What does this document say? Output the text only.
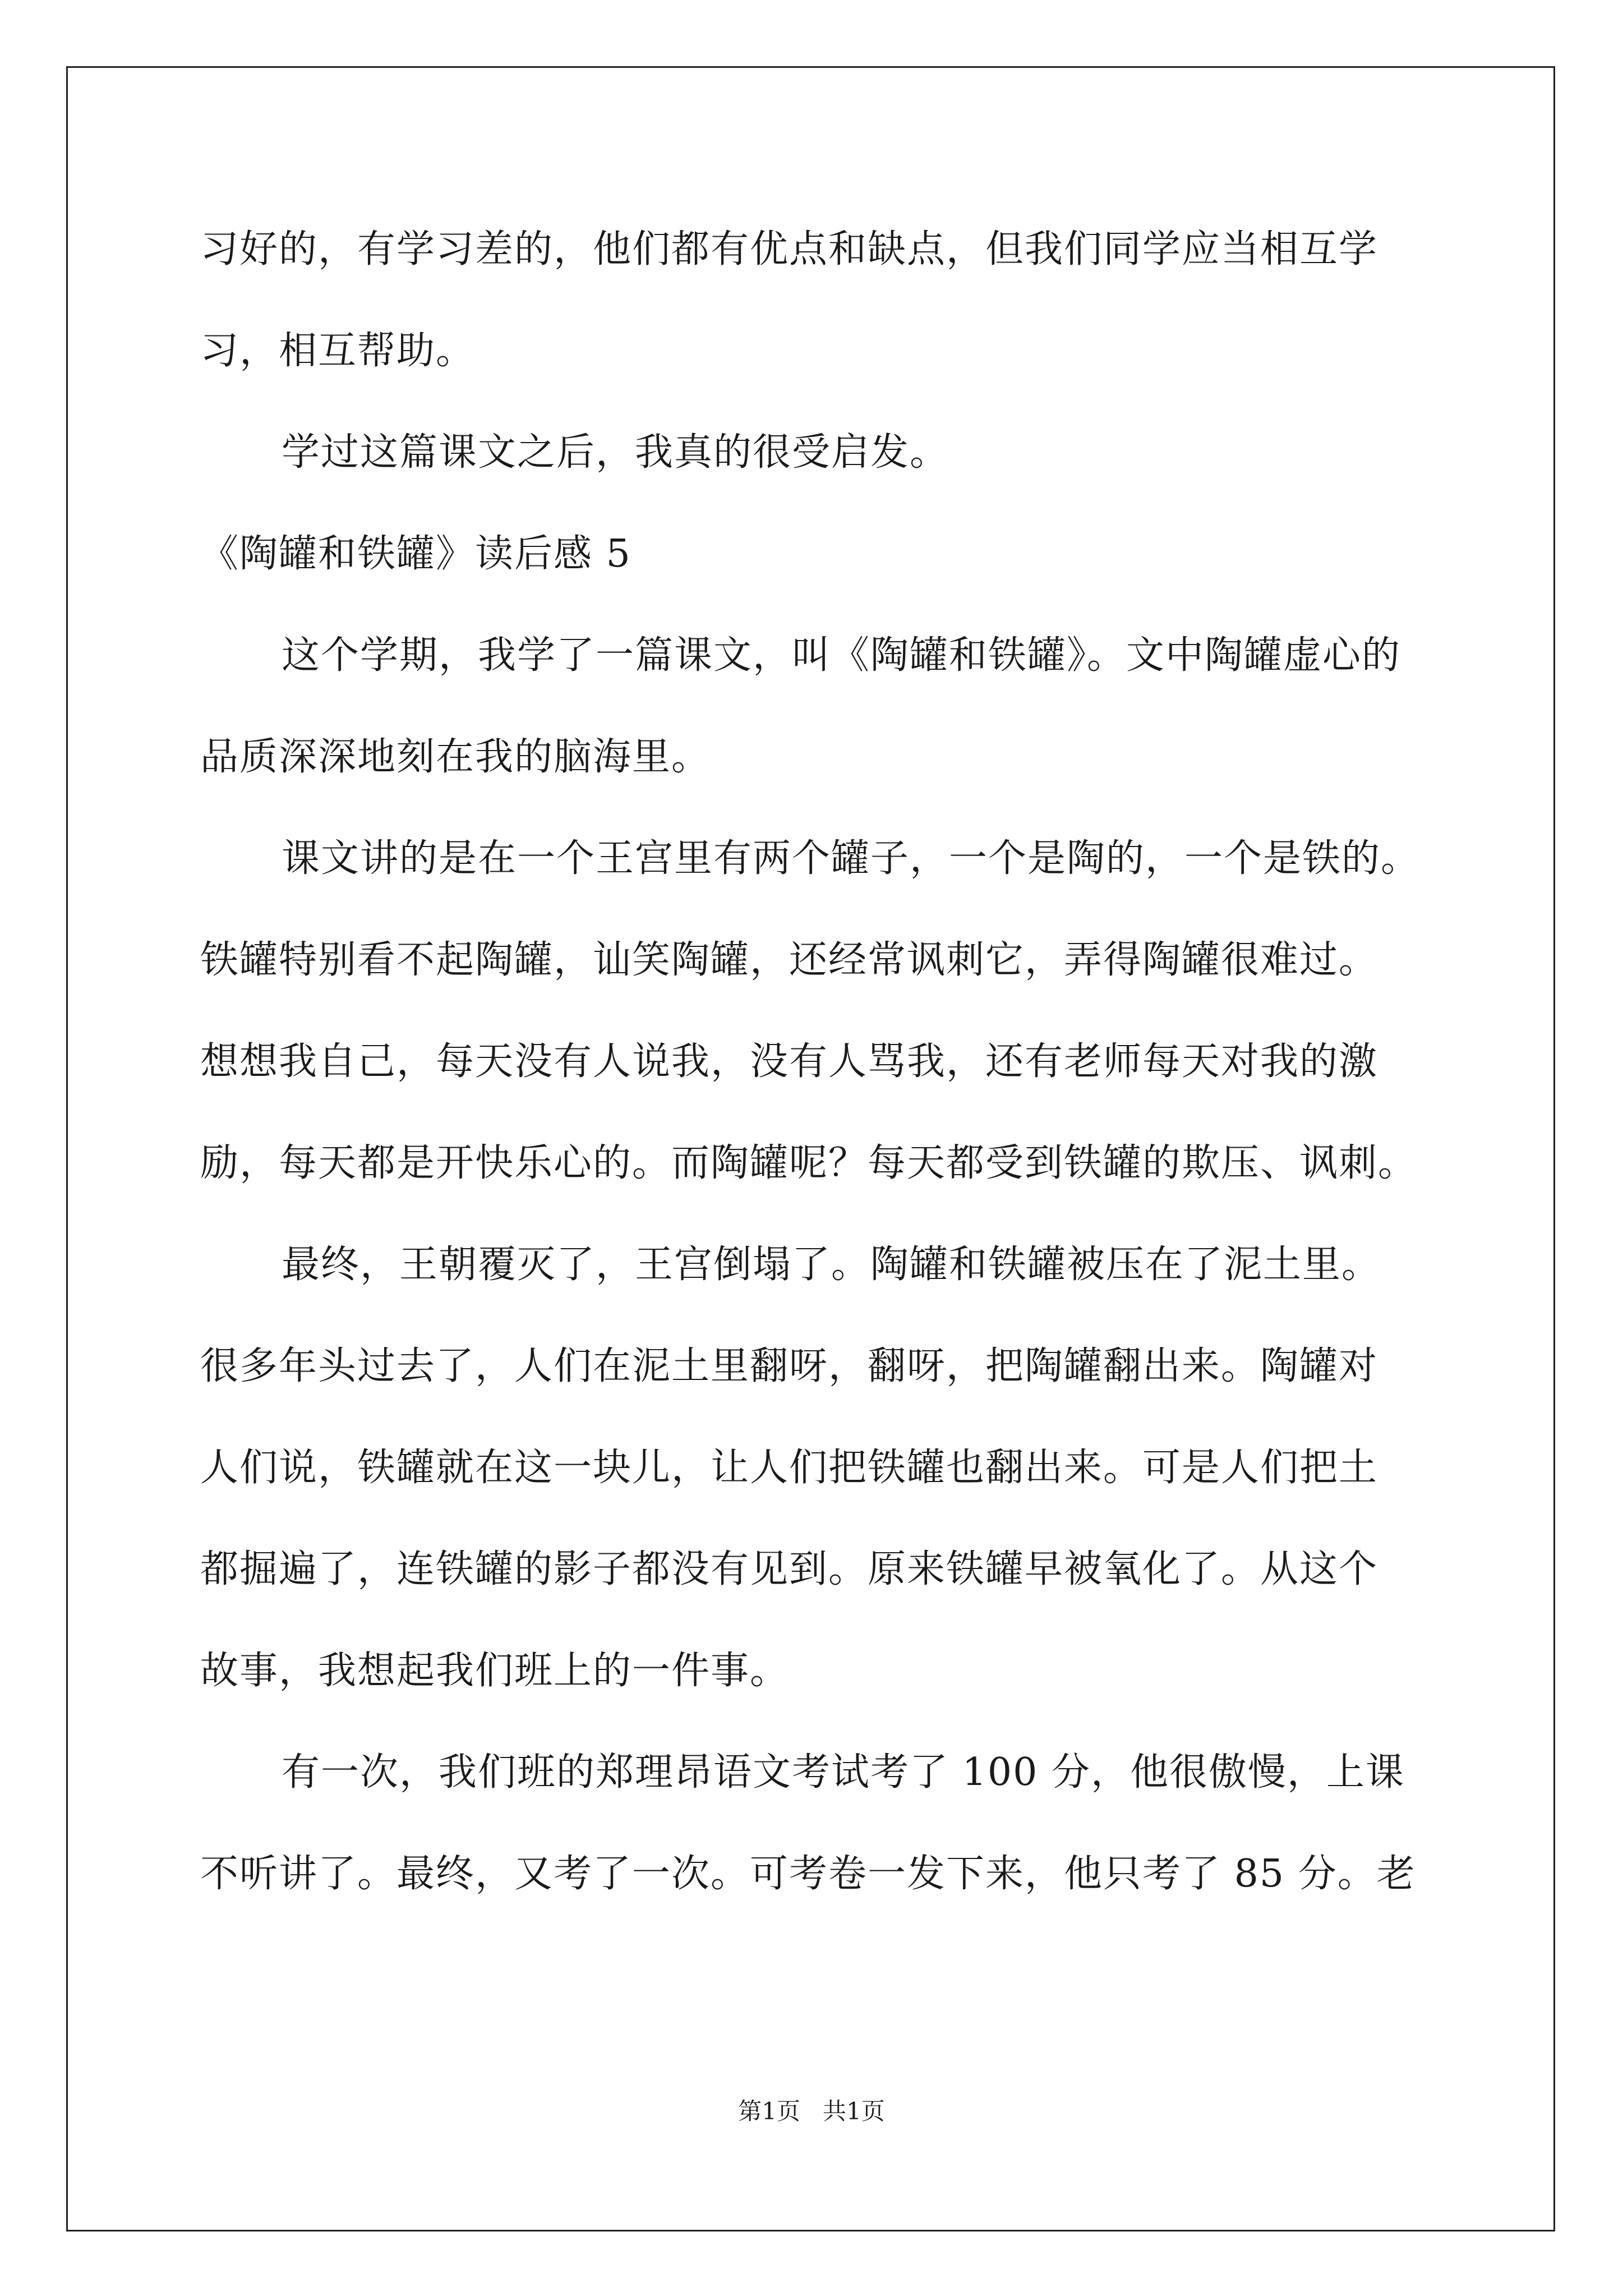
习好的，有学习差的，他们都有优点和缺点，但我们同学应当相互学
习，相互帮助。
学过这篇课文之后，我真的很受启发。
《陶罐和铁罐》读后感 5
这个学期，我学了一篇课文，叫《陶罐和铁罐》。文中陶罐虚心的
品质深深地刻在我的脑海里。
课文讲的是在一个王宫里有两个罐子，一个是陶的，一个是铁的。
铁罐特别看不起陶罐，讪笑陶罐，还经常讽刺它，弄得陶罐很难过。
想想我自己，每天没有人说我，没有人骂我，还有老师每天对我的激
励，每天都是开快乐心的。而陶罐呢？每天都受到铁罐的欺压、讽刺。
最终，王朝覆灭了，王宫倒塌了。陶罐和铁罐被压在了泥土里。
很多年头过去了，人们在泥土里翻呀，翻呀，把陶罐翻出来。陶罐对
人们说，铁罐就在这一块儿，让人们把铁罐也翻出来。可是人们把土
都掘遍了，连铁罐的影子都没有见到。原来铁罐早被氧化了。从这个
故事，我想起我们班上的一件事。
有一次，我们班的郑理昂语文考试考了 100 分，他很傲慢，上课
不听讲了。最终，又考了一次。可考卷一发下来，他只考了 85 分。老
第1页 共1页
